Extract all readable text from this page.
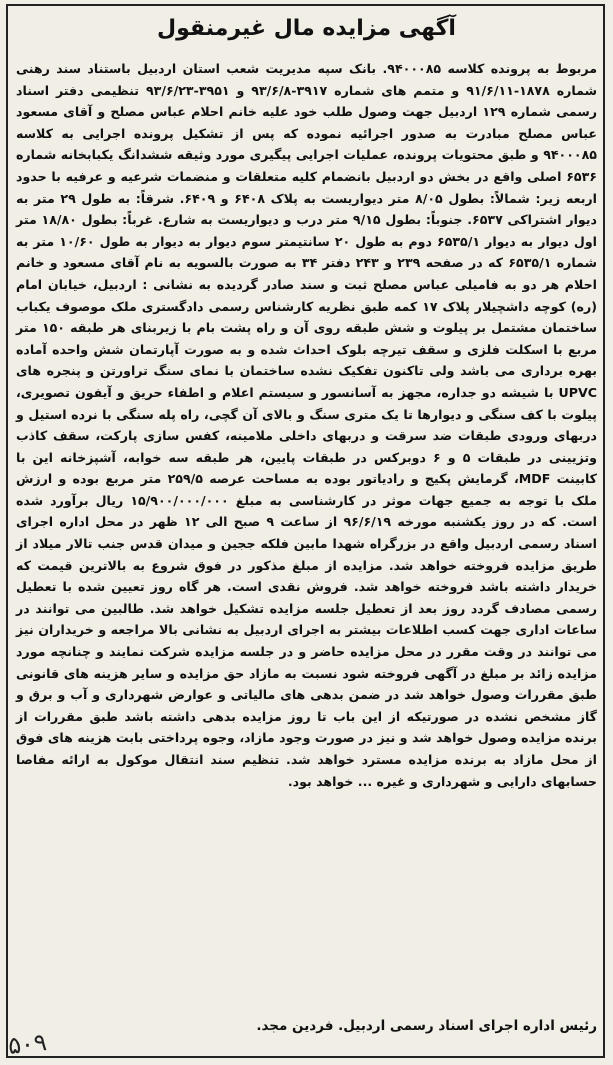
آگهی مزایده مال غیرمنقول

مربوط به پرونده کلاسه ۹۴۰۰۰۸۵. بانک سپه مدیریت شعب استان اردبیل باستناد سند رهنی شماره ۱۸۷۸-۹۱/۶/۱۱ و متمم های شماره ۳۹۱۷-۹۳/۶/۸ و ۳۹۵۱-۹۳/۶/۲۳ تنظیمی دفتر اسناد رسمی شماره ۱۲۹ اردبیل جهت وصول طلب خود علیه خانم احلام عباس مصلح و آقای مسعود عباس مصلح مبادرت به صدور اجرائیه نموده که پس از تشکیل پرونده اجرایی به کلاسه ۹۴۰۰۰۸۵ و طبق محتویات پرونده، عملیات اجرایی پیگیری مورد وثیقه ششدانگ یکبابخانه شماره ۶۵۳۶ اصلی واقع در بخش دو اردبیل بانضمام کلیه متعلقات و منضمات شرعیه و عرفیه با حدود اربعه زیر: شمالاً: بطول ۸/۰۵ متر دیواریست به پلاک ۶۴۰۸ و ۶۴۰۹. شرقاً: به طول ۲۹ متر به دیوار اشتراکی ۶۵۳۷. جنوباً: بطول ۹/۱۵ متر درب و دیواریست به شارع. غرباً: بطول ۱۸/۸۰ متر اول دیوار به دیوار ۶۵۳۵/۱ دوم به طول ۲۰ سانتیمتر سوم دیوار به دیوار به طول ۱۰/۶۰ متر به شماره ۶۵۳۵/۱ که در صفحه ۲۳۹ و ۲۴۳ دفتر ۳۴ به صورت بالسویه به نام آقای مسعود و خانم احلام هر دو به فامیلی عباس مصلح ثبت و سند صادر گردیده به نشانی : اردبیل، خیابان امام (ره) کوچه داشچیلار پلاک ۱۷ کمه طبق نظریه کارشناس رسمی دادگستری ملک موصوف یکباب ساختمان مشتمل بر پیلوت و شش طبقه روی آن و راه پشت بام با زیربنای هر طبقه ۱۵۰ متر مربع با اسکلت فلزی و سقف تیرچه بلوک احداث شده و به صورت آپارتمان شش واحده آماده بهره برداری می باشد ولی تاکنون تفکیک نشده ساختمان با نمای سنگ تراورتن و پنجره های UPVC با شیشه دو جداره، مجهز به آسانسور و سیستم اعلام و اطفاء حریق و آیفون تصویری، پیلوت با کف سنگی و دیوارها تا یک متری سنگ و بالای آن گچی، راه پله سنگی با نرده استیل و دربهای ورودی طبقات ضد سرقت و دربهای داخلی ملامینه، کفس سازی پارکت، سقف کاذب وتزیینی در طبقات ۵ و ۶ دوبرکس در طبقات پایین، هر طبقه سه خوابه، آشپزخانه این با کابینت MDF، گرمایش پکیج و رادیاتور بوده به مساحت عرصه ۲۵۹/۵ متر مربع بوده و ارزش ملک با توجه به جمیع جهات موثر در کارشناسی به مبلغ ۱۵/۹۰۰/۰۰۰/۰۰۰ ریال برآورد شده است. که در روز یکشنبه مورخه ۹۶/۶/۱۹ از ساعت ۹ صبح الی ۱۲ ظهر در محل اداره اجرای اسناد رسمی اردبیل واقع در بزرگراه شهدا مابین فلکه ججین و میدان قدس جنب تالار میلاد از طریق مزایده فروخته خواهد شد. مزایده از مبلغ مذکور در فوق شروع به بالاترین قیمت که خریدار داشته باشد فروخته خواهد شد. فروش نقدی است. هر گاه روز تعیین شده با تعطیل رسمی مصادف گردد روز بعد از تعطیل جلسه مزایده تشکیل خواهد شد. طالبین می توانند در ساعات اداری جهت کسب اطلاعات بیشتر به اجرای اردبیل به نشانی بالا مراجعه و خریداران نیز می توانند در وقت مقرر در محل مزایده حاضر و در جلسه مزایده شرکت نمایند و چنانچه مورد مزایده زائد بر مبلغ در آگهی فروخته شود نسبت به مازاد حق مزایده و سایر هزینه های قانونی طبق مقررات وصول خواهد شد در ضمن بدهی های مالیاتی و عوارض شهرداری و آب و برق و گاز مشخص نشده در صورتیکه از این باب تا روز مزایده بدهی داشته باشد طبق مقررات از برنده مزایده وصول خواهد شد و نیز در صورت وجود مازاد، وجوه پرداختی بابت هزینه های فوق از محل مازاد به برنده مزایده مسترد خواهد شد. تنظیم سند انتقال موکول به ارائه مفاصا حسابهای دارایی و شهرداری و غیره ... خواهد بود.

رئیس اداره اجرای اسناد رسمی اردبیل. فردین مجد.
۵۰۹
